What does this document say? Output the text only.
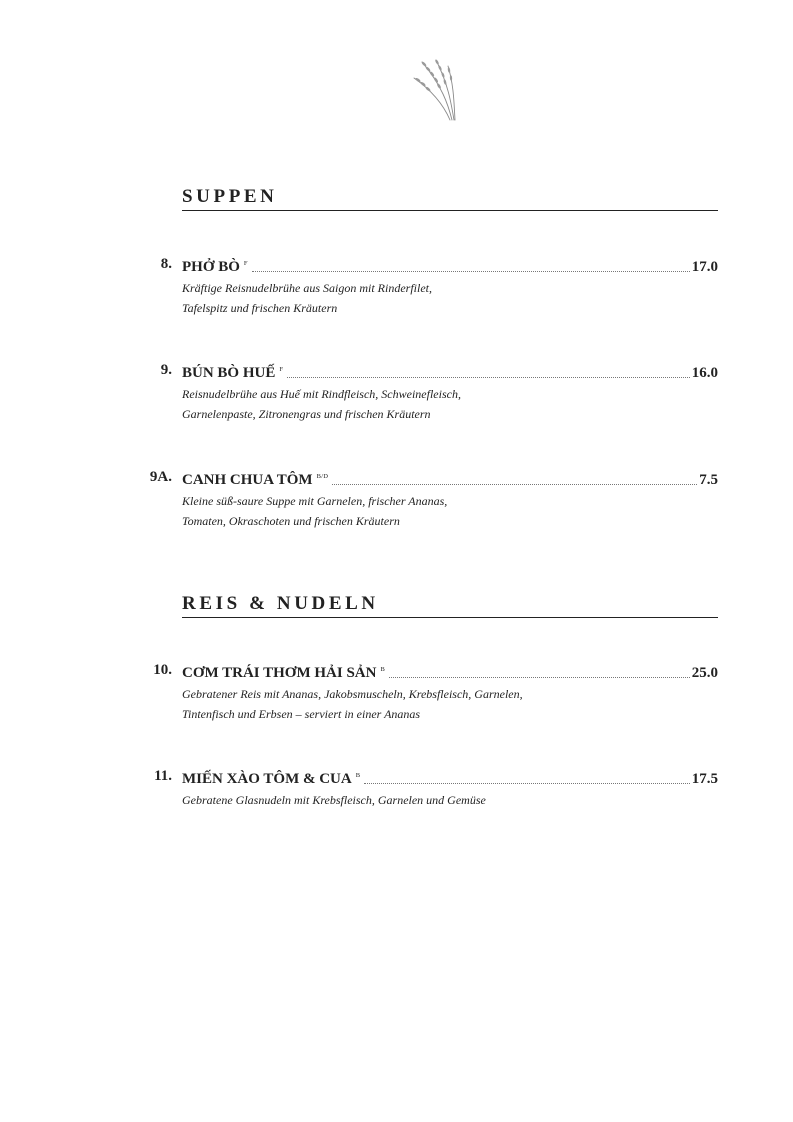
SUPPEN
8. PHỞ BÒ $^F$	17.0
Kräftige Reisnudelbrühe aus Saigon mit Rinderfilet,
Tafelspitz und frischen Kräutern
9. BÚN BÒ HUẾ $^F$	16.0
Reisnudelbrühe aus Huế mit Rindfleisch, Schweinefleisch,
Garnelenpaste, Zitronengras und frischen Kräutern
9A. CANH CHUA TÔM $^{B/D}$	7.5
Kleine süß-saure Suppe mit Garnelen, frischer Ananas,
Tomaten, Okraschoten und frischen Kräutern
REIS & NUDELN
10. CƠM TRÁI THƠM HẢI SẢN $^B$	25.0
Gebratener Reis mit Ananas, Jakobsmuscheln, Krebsfleisch, Garnelen,
Tintenfisch und Erbsen – serviert in einer Ananas
11. MIẾN XÀO TÔM & CUA $^B$	17.5
Gebratene Glasnudeln mit Krebsfleisch, Garnelen und Gemüse
